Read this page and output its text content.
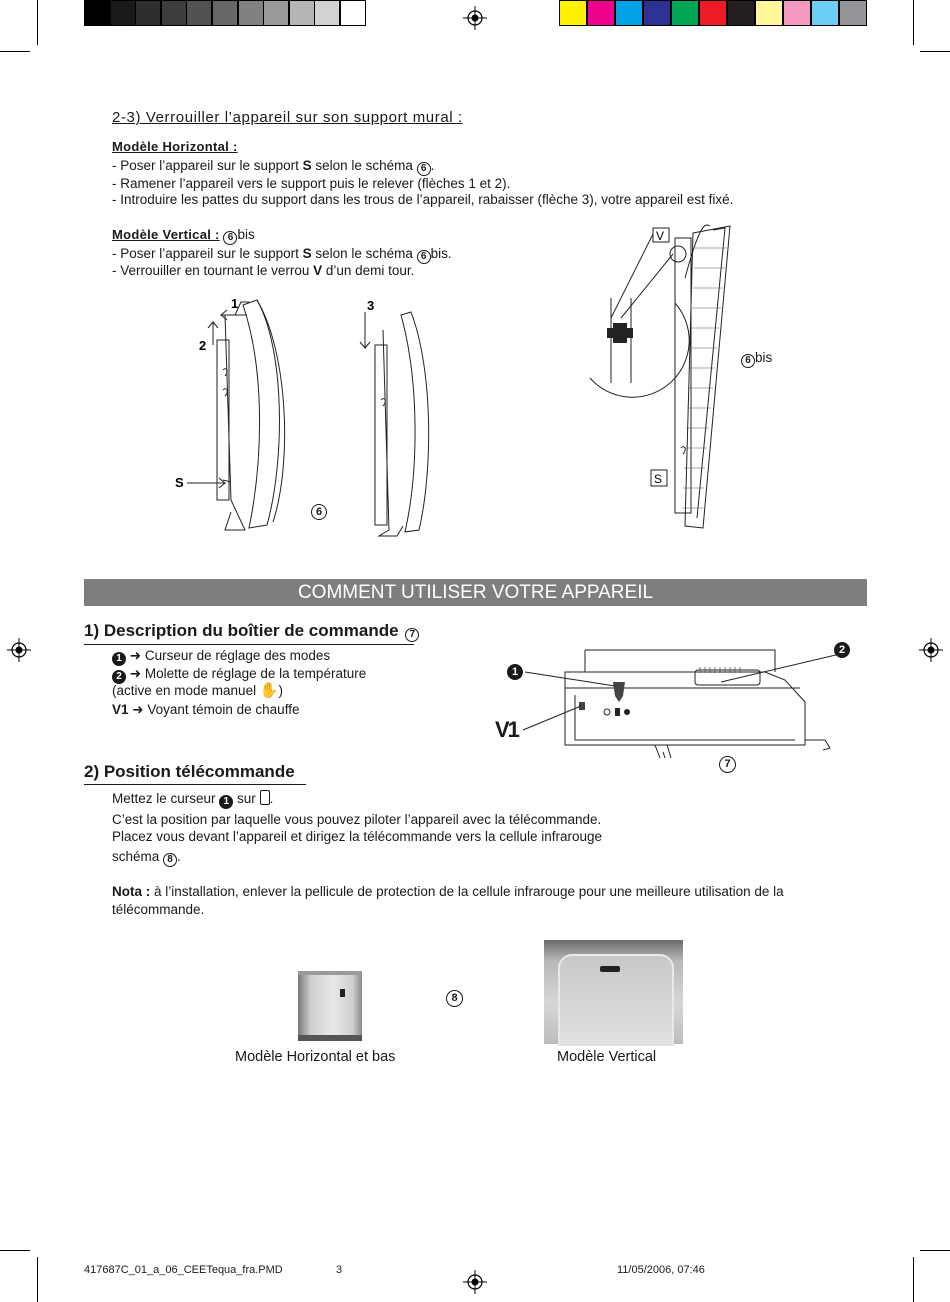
2-3) Verrouiller l’appareil sur son support mural :
Modèle Horizontal :
- Poser l’appareil sur le support S selon le schéma 6 .
- Ramener l’appareil vers le support puis le relever (flèches 1 et 2).
- Introduire les pattes du support dans les trous de l’appareil, rabaisser (flèche 3), votre appareil est fixé.
Modèle Vertical : 6 bis
- Poser l’appareil sur le support S selon le schéma 6 bis.
- Verrouiller en tournant le verrou V d’un demi tour.
1
2
3
S
6
V
S
6 bis
COMMENT UTILISER VOTRE APPAREIL
1) Description du boîtier de commande 7
1 ➜ Curseur de réglage des modes
2 ➜ Molette de réglage de la température
(active en mode manuel ✋)
V1 ➜ Voyant témoin de chauffe
1
2
V1
7
2) Position télécommande
Mettez le curseur 1 sur .
C’est la position par laquelle vous pouvez piloter l’appareil avec la télécommande.
Placez vous devant l’appareil et dirigez la télécommande vers la cellule infrarouge
schéma 8 .
Nota : à l’installation, enlever la pellicule de protection de la cellule infrarouge pour une meilleure utilisation de la
télécommande.
8
Modèle Horizontal et bas	Modèle Vertical
417687C_01_a_06_CEETequa_fra.PMD	3	11/05/2006, 07:46
